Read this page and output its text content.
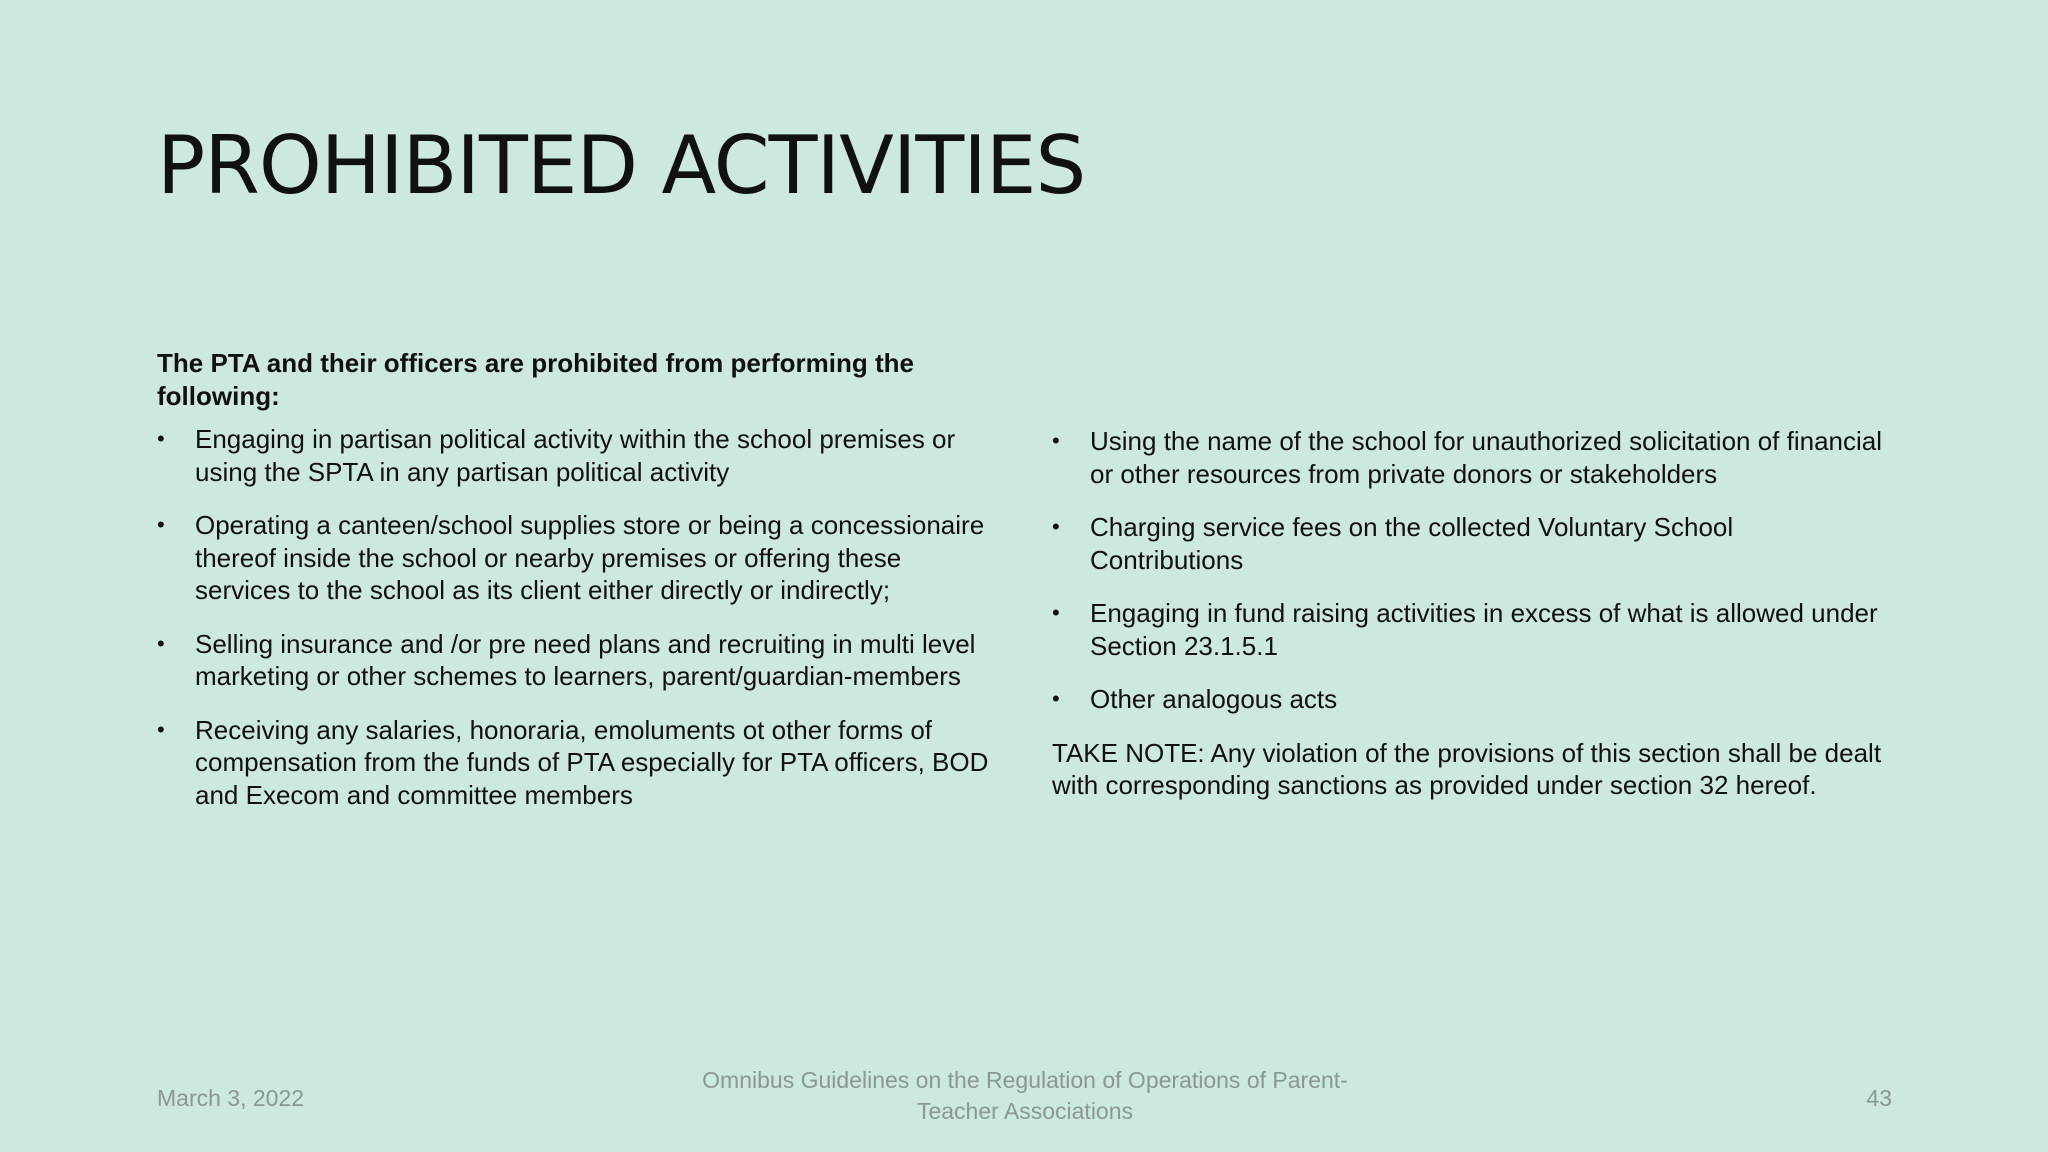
PROHIBITED ACTIVITIES

The PTA and their officers are prohibited from performing the following:

•	Engaging in partisan political activity within the school premises or using the SPTA in any partisan political activity
•	Operating a canteen/school supplies store or being a concessionaire thereof inside the school or nearby premises or offering these services to the school as its client either directly or indirectly;
•	Selling insurance and /or pre need plans and recruiting in multi level marketing or other schemes to learners, parent/guardian-members
•	Receiving any salaries, honoraria, emoluments ot other forms of compensation from the funds of PTA especially for PTA officers, BOD and Execom and committee members
•	Using the name of the school for unauthorized solicitation of financial or other resources from private donors or stakeholders
•	Charging service fees on the collected Voluntary School Contributions
•	Engaging in fund raising activities in excess of what is allowed under Section 23.1.5.1
•	Other analogous acts

TAKE NOTE: Any violation of the provisions of this section shall be dealt with corresponding sanctions as provided under section 32 hereof.

March 3, 2022
Omnibus Guidelines on the Regulation of Operations of Parent-
Teacher Associations	43
